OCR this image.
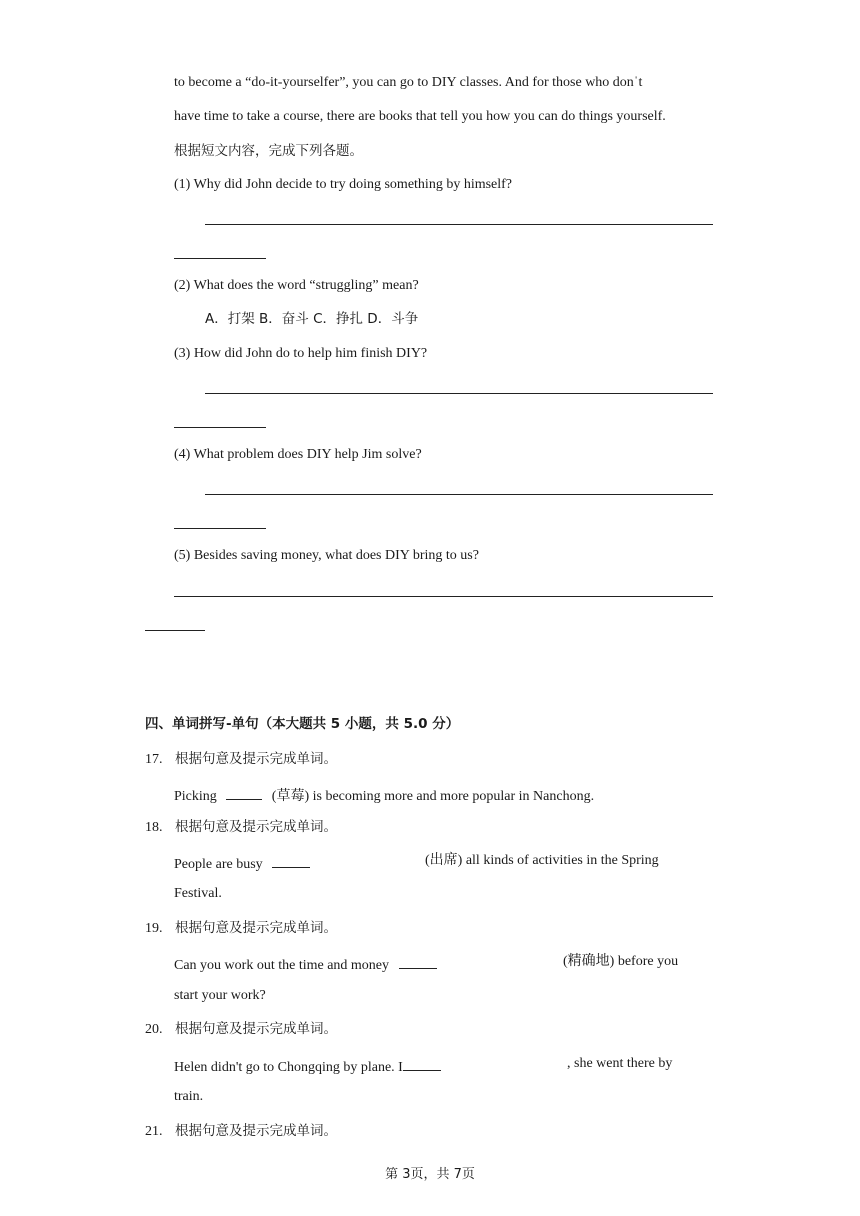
to become a “do-it-yourselfer”, you can go to DIY classes. And for those who donˈt
have time to take a course, there are books that tell you how you can do things yourself.
根据短文内容，完成下列各题。
(1) Why did John decide to try doing something by himself?
(2) What does the word “struggling” mean?
A．打架 B．奋斗 C．挣扎 D．斗争
(3) How did John do to help him finish DIY?
(4) What problem does DIY help Jim solve?
(5) Besides saving money, what does DIY bring to us?
四、单词拼写-单句（本大题共 5 小题，共 5.0 分）
17. 根据句意及提示完成单词。
Picking	(草莓) is becoming more and more popular in Nanchong.
18. 根据句意及提示完成单词。
People are busy	(出席) all kinds of activities in the Spring
Festival.
19. 根据句意及提示完成单词。
Can you work out the time and money	(精确地) before you
start your work?
20. 根据句意及提示完成单词。
Helen didn't go to Chongqing by plane. I	, she went there by
train.
21. 根据句意及提示完成单词。
第 3页，共 7页
